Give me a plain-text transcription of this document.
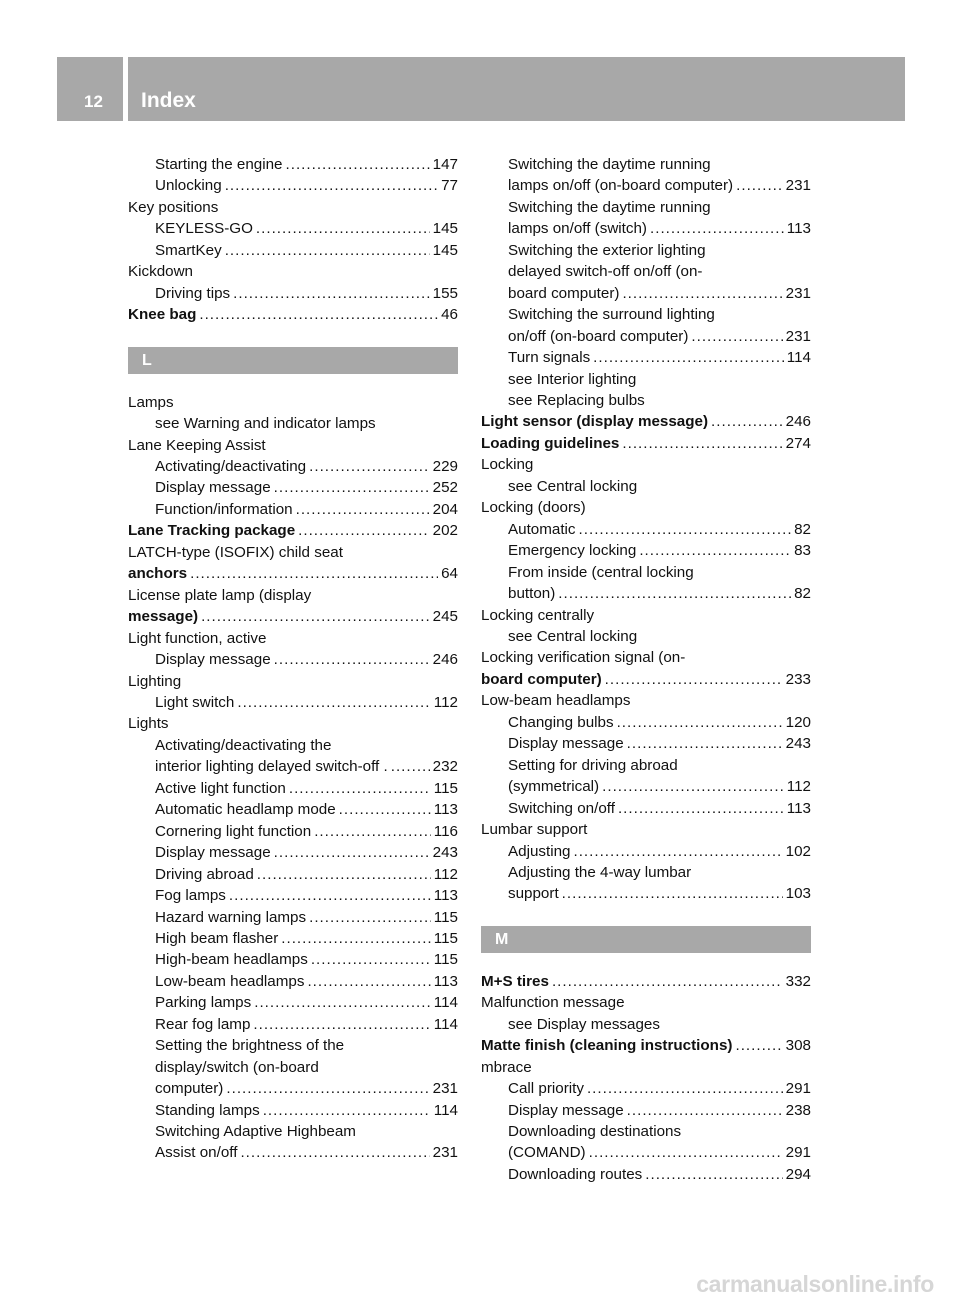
12 Index
Starting the engine .....	147
Unlocking .....	77
Key positions
KEYLESS-GO .....	145
SmartKey .....	145
Kickdown
Driving tips .....	155
Knee bag .....	46
L
Lamps
see Warning and indicator lamps
Lane Keeping Assist
Activating/deactivating .....	229
Display message .....	252
Function/information .....	204
Lane Tracking package .....	202
LATCH-type (ISOFIX) child seat
anchors .....	64
License plate lamp (display
message) .....	245
Light function, active
Display message .....	246
Lighting
Light switch .....	112
Lights
Activating/deactivating the
interior lighting delayed switch-off . .....	232
Active light function .....	115
Automatic headlamp mode .....	113
Cornering light function .....	116
Display message .....	243
Driving abroad .....	112
Fog lamps .....	113
Hazard warning lamps .....	115
High beam flasher .....	115
High-beam headlamps .....	115
Low-beam headlamps .....	113
Parking lamps .....	114
Rear fog lamp .....	114
Setting the brightness of the
display/switch (on-board
computer) .....	231
Standing lamps .....	114
Switching Adaptive Highbeam
Assist on/off .....	231
Switching the daytime running
lamps on/off (on-board computer) .....	231
Switching the daytime running
lamps on/off (switch) .....	113
Switching the exterior lighting
delayed switch-off on/off (on-
board computer) .....	231
Switching the surround lighting
on/off (on-board computer) .....	231
Turn signals .....	114
see Interior lighting
see Replacing bulbs
Light sensor (display message) .....	246
Loading guidelines .....	274
Locking
see Central locking
Locking (doors)
Automatic .....	82
Emergency locking .....	83
From inside (central locking
button) .....	82
Locking centrally
see Central locking
Locking verification signal (on-
board computer) .....	233
Low-beam headlamps
Changing bulbs .....	120
Display message .....	243
Setting for driving abroad
(symmetrical) .....	112
Switching on/off .....	113
Lumbar support
Adjusting .....	102
Adjusting the 4-way lumbar
support .....	103
M
M+S tires .....	332
Malfunction message
see Display messages
Matte finish (cleaning instructions) .....	308
mbrace
Call priority .....	291
Display message .....	238
Downloading destinations
(COMAND) .....	291
Downloading routes .....	294
carmanualsonline.info
